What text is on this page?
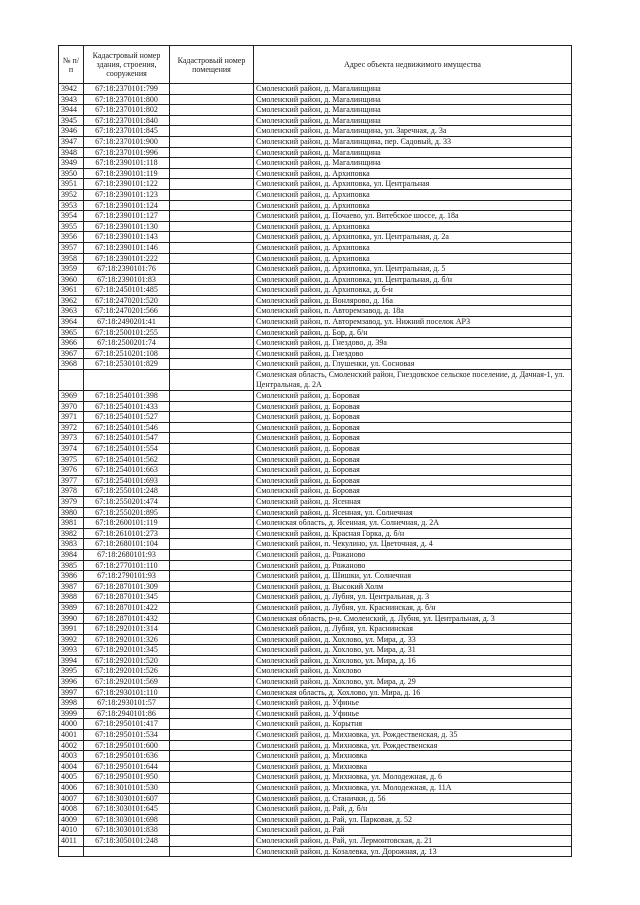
№ п/п	Кадастровый номер здания, строения, сооружения	Кадастровый номер помещения	Адрес объекта недвижимого имущества
3942	67:18:2370101:799		Смоленский район, д. Магалинщина
3943	67:18:2370101:800		Смоленский район, д. Магалинщина
3944	67:18:2370101:802		Смоленский район, д. Магалинщина
3945	67:18:2370101:840		Смоленский район, д. Магалинщина
3946	67:18:2370101:845		Смоленский район, д. Магалинщина, ул. Заречная, д. 3а
3947	67:18:2370101:900		Смоленский район, д. Магалинщина, пер. Садовый, д. 33
3948	67:18:2370101:996		Смоленский район, д. Магалинщина
3949	67:18:2390101:118		Смоленский район, д. Магалинщина
3950	67:18:2390101:119		Смоленский район, д. Архиповка
3951	67:18:2390101:122		Смоленский район, д. Архиповка, ул. Центральная
3952	67:18:2390101:123		Смоленский район, д. Архиповка
3953	67:18:2390101:124		Смоленский район, д. Архиповка
3954	67:18:2390101:127		Смоленский район, д. Почаево, ул. Витебское шоссе, д. 18а
3955	67:18:2390101:130		Смоленский район, д. Архиповка
3956	67:18:2390101:143		Смоленский район, д. Архиповка, ул. Центральная, д. 2а
3957	67:18:2390101:146		Смоленский район, д. Архиповка
3958	67:18:2390101:222		Смоленский район, д. Архиповка
3959	67:18:2390101:76		Смоленский район, д. Архиповка, ул. Центральная, д. 5
3960	67:18:2390101:83		Смоленский район, д. Архиповка, ул. Центральная, д. б/н
3961	67:18:2450101:485		Смоленский район, д. Архиповка, д. б-н
3962	67:18:2470201:520		Смоленский район, д. Вонлярово, д. 16а
3963	67:18:2470201:566		Смоленский район, п. Авторемзавод, д. 18а
3964	67:18:2490201:41		Смоленский район, п. Авторемзавод, ул. Нижний поселок АРЗ
3965	67:18:2500101:255		Смоленский район, д. Бор, д. б/н
3966	67:18:2500201:74		Смоленский район, д. Гнездово, д. 39а
3967	67:18:2510201:108		Смоленский район, д. Гнездово
3968	67:18:2530101:829		Смоленский район, д. Глушенки, ул. Сосновая
			Смоленская область, Смоленский район, Гнездовское сельское поселение, д. Дачная-1, ул. Центральная, д. 2А
3969	67:18:2540101:398		Смоленский район, д. Боровая
3970	67:18:2540101:433		Смоленский район, д. Боровая
3971	67:18:2540101:527		Смоленский район, д. Боровая
3972	67:18:2540101:546		Смоленский район, д. Боровая
3973	67:18:2540101:547		Смоленский район, д. Боровая
3974	67:18:2540101:554		Смоленский район, д. Боровая
3975	67:18:2540101:562		Смоленский район, д. Боровая
3976	67:18:2540101:663		Смоленский район, д. Боровая
3977	67:18:2540101:693		Смоленский район, д. Боровая
3978	67:18:2550101:248		Смоленский район, д. Боровая
3979	67:18:2550201:474		Смоленский район, д. Ясенная
3980	67:18:2550201:895		Смоленский район, д. Ясенная, ул. Солнечная
3981	67:18:2600101:119		Смоленская область, д. Ясенная, ул. Солнечная, д. 2А
3982	67:18:2610101:273		Смоленский район, д. Красная Горка, д. б/н
3983	67:18:2680101:104		Смоленский район, п. Чекулино, ул. Цветочная, д. 4
3984	67:18:2680101:93		Смоленский район, д. Рожаново
3985	67:18:2770101:110		Смоленский район, д. Рожаново
3986	67:18:2790101:93		Смоленский район, д. Шишки, ул. Солнечная
3987	67:18:2870101:309		Смоленский район, д. Высокий Холм
3988	67:18:2870101:345		Смоленский район, д. Лубня, ул. Центральная, д. 3
3989	67:18:2870101:422		Смоленский район, д. Лубня, ул. Краснинская, д. б/н
3990	67:18:2870101:432		Смоленская область, р-н. Смоленский, д. Лубня, ул. Центральная, д. 3
3991	67:18:2920101:314		Смоленский район, д. Лубня, ул. Краснинская
3992	67:18:2920101:326		Смоленский район, д. Хохлово, ул. Мира, д. 33
3993	67:18:2920101:345		Смоленский район, д. Хохлово, ул. Мира, д. 31
3994	67:18:2920101:520		Смоленский район, д. Хохлово, ул. Мира, д. 16
3995	67:18:2920101:526		Смоленский район, д. Хохлово
3996	67:18:2920101:569		Смоленский район, д. Хохлово, ул. Мира, д. 29
3997	67:18:2930101:110		Смоленская область, д. Хохлово, ул. Мира, д. 16
3998	67:18:2930101:57		Смоленский район, д. Уфинье
3999	67:18:2940101:86		Смоленский район, д. Уфинье
4000	67:18:2950101:417		Смоленский район, д. Корытня
4001	67:18:2950101:534		Смоленский район, д. Михновка, ул. Рождественская, д. 35
4002	67:18:2950101:600		Смоленский район, д. Михновка, ул. Рождественская
4003	67:18:2950101:636		Смоленский район, д. Михновка
4004	67:18:2950101:644		Смоленский район, д. Михновка
4005	67:18:2950101:950		Смоленский район, д. Михновка, ул. Молодежная, д. 6
4006	67:18:3010101:530		Смоленский район, д. Михновка, ул. Молодежная, д. 11А
4007	67:18:3030101:607		Смоленский район, д. Станички, д. 56
4008	67:18:3030101:645		Смоленский район, д. Рай, д. б/н
4009	67:18:3030101:698		Смоленский район, д. Рай, ул. Парковая, д. 52
4010	67:18:3030101:838		Смоленский район, д. Рай
4011	67:18:3050101:248		Смоленский район, д. Рай, ул. Лермонтовская, д. 21
			Смоленский район, д. Козалевка, ул. Дорожная, д. 13
